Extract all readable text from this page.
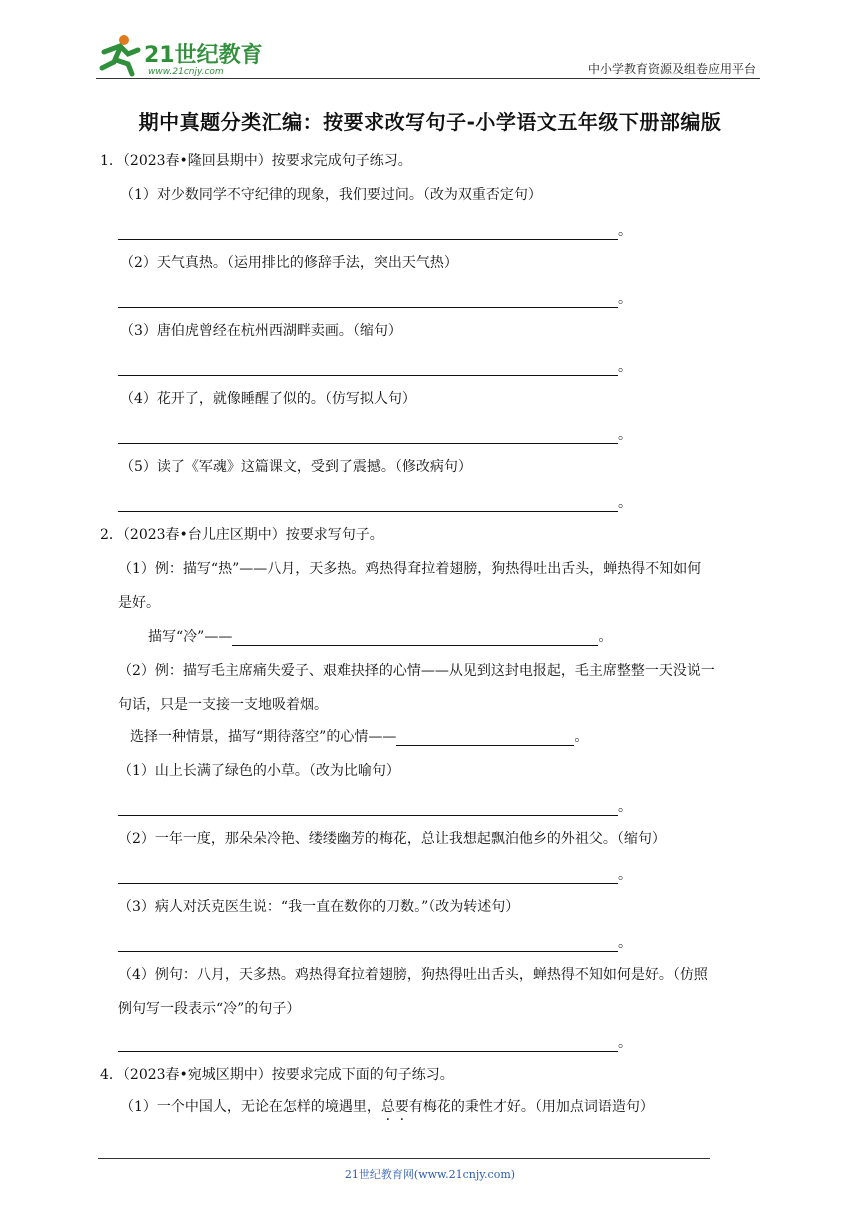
21世纪教育
www.21cnjy.com	中小学教育资源及组卷应用平台
期中真题分类汇编：按要求改写句子-小学语文五年级下册部编版
1．（2023春•隆回县期中）按要求完成句子练习。
（1）对少数同学不守纪律的现象，我们要过问。（改为双重否定句）
。
（2）天气真热。（运用排比的修辞手法，突出天气热）
。
（3）唐伯虎曾经在杭州西湖畔卖画。（缩句）
。
（4）花开了，就像睡醒了似的。（仿写拟人句）
。
（5）读了《军魂》这篇课文，受到了震撼。（修改病句）
。
2．（2023春•台儿庄区期中）按要求写句子。
（1）例：描写“热”——八月，天多热。鸡热得耷拉着翅膀，狗热得吐出舌头，蝉热得不知如何
是好。
描写“冷”——	。
（2）例：描写毛主席痛失爱子、艰难抉择的心情——从见到这封电报起，毛主席整整一天没说一
句话，只是一支接一支地吸着烟。
选择一种情景，描写“期待落空”的心情——	。
（1）山上长满了绿色的小草。（改为比喻句）
。
（2）一年一度，那朵朵冷艳、缕缕幽芳的梅花，总让我想起飘泊他乡的外祖父。（缩句）
。
（3）病人对沃克医生说：“我一直在数你的刀数。”（改为转述句）
。
（4）例句：八月，天多热。鸡热得耷拉着翅膀，狗热得吐出舌头，蝉热得不知如何是好。（仿照
例句写一段表示“冷”的句子）
。
4．（2023春•宛城区期中）按要求完成下面的句子练习。
（1）一个中国人，无论在怎样的境遇里，总要有梅花的秉性才好。（用加点词语造句）
21世纪教育网(www.21cnjy.com)
